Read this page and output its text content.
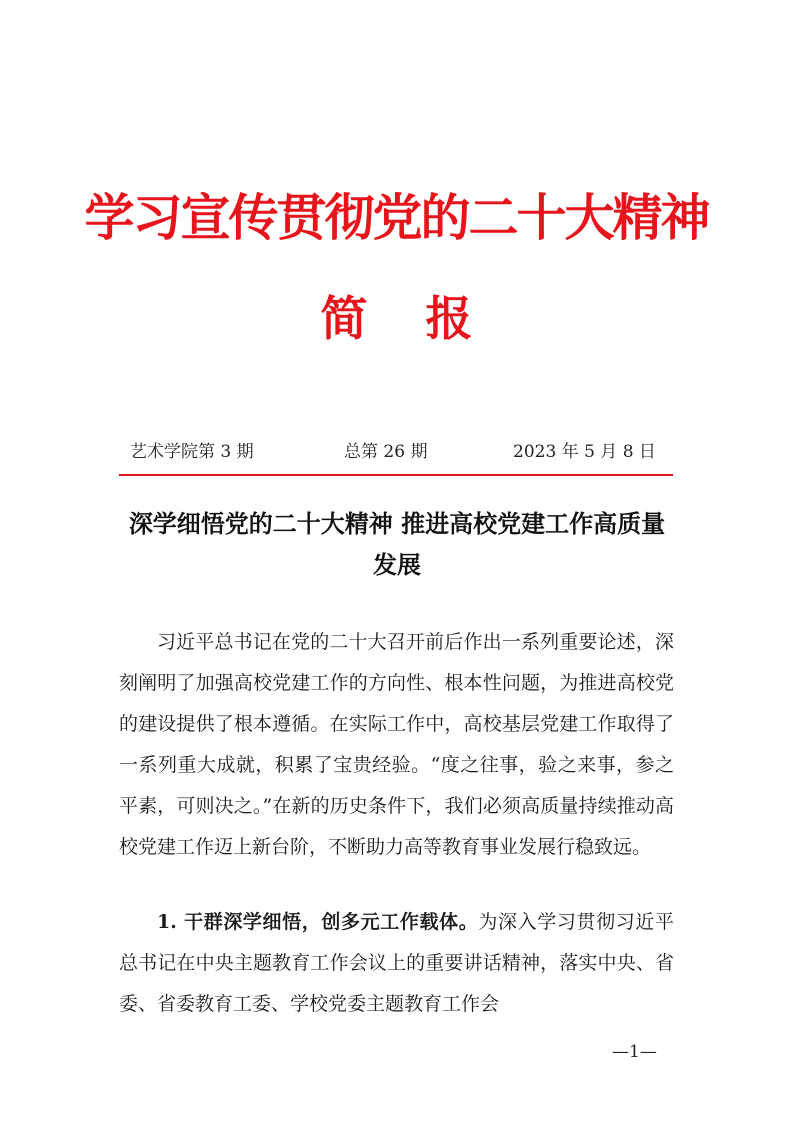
学习宣传贯彻党的二十大精神
简 报
艺术学院第 3 期	总第 26 期	2023 年 5 月 8 日
深学细悟党的二十大精神 推进高校党建工作高质量发展
习近平总书记在党的二十大召开前后作出一系列重要论述，深刻阐明了加强高校党建工作的方向性、根本性问题，为推进高校党的建设提供了根本遵循。在实际工作中，高校基层党建工作取得了一系列重大成就，积累了宝贵经验。“度之往事，验之来事，参之平素，可则决之。”在新的历史条件下，我们必须高质量持续推动高校党建工作迈上新台阶，不断助力高等教育事业发展行稳致远。
1. 干群深学细悟，创多元工作载体。为深入学习贯彻习近平总书记在中央主题教育工作会议上的重要讲话精神，落实中央、省委、省委教育工委、学校党委主题教育工作会
—1—
